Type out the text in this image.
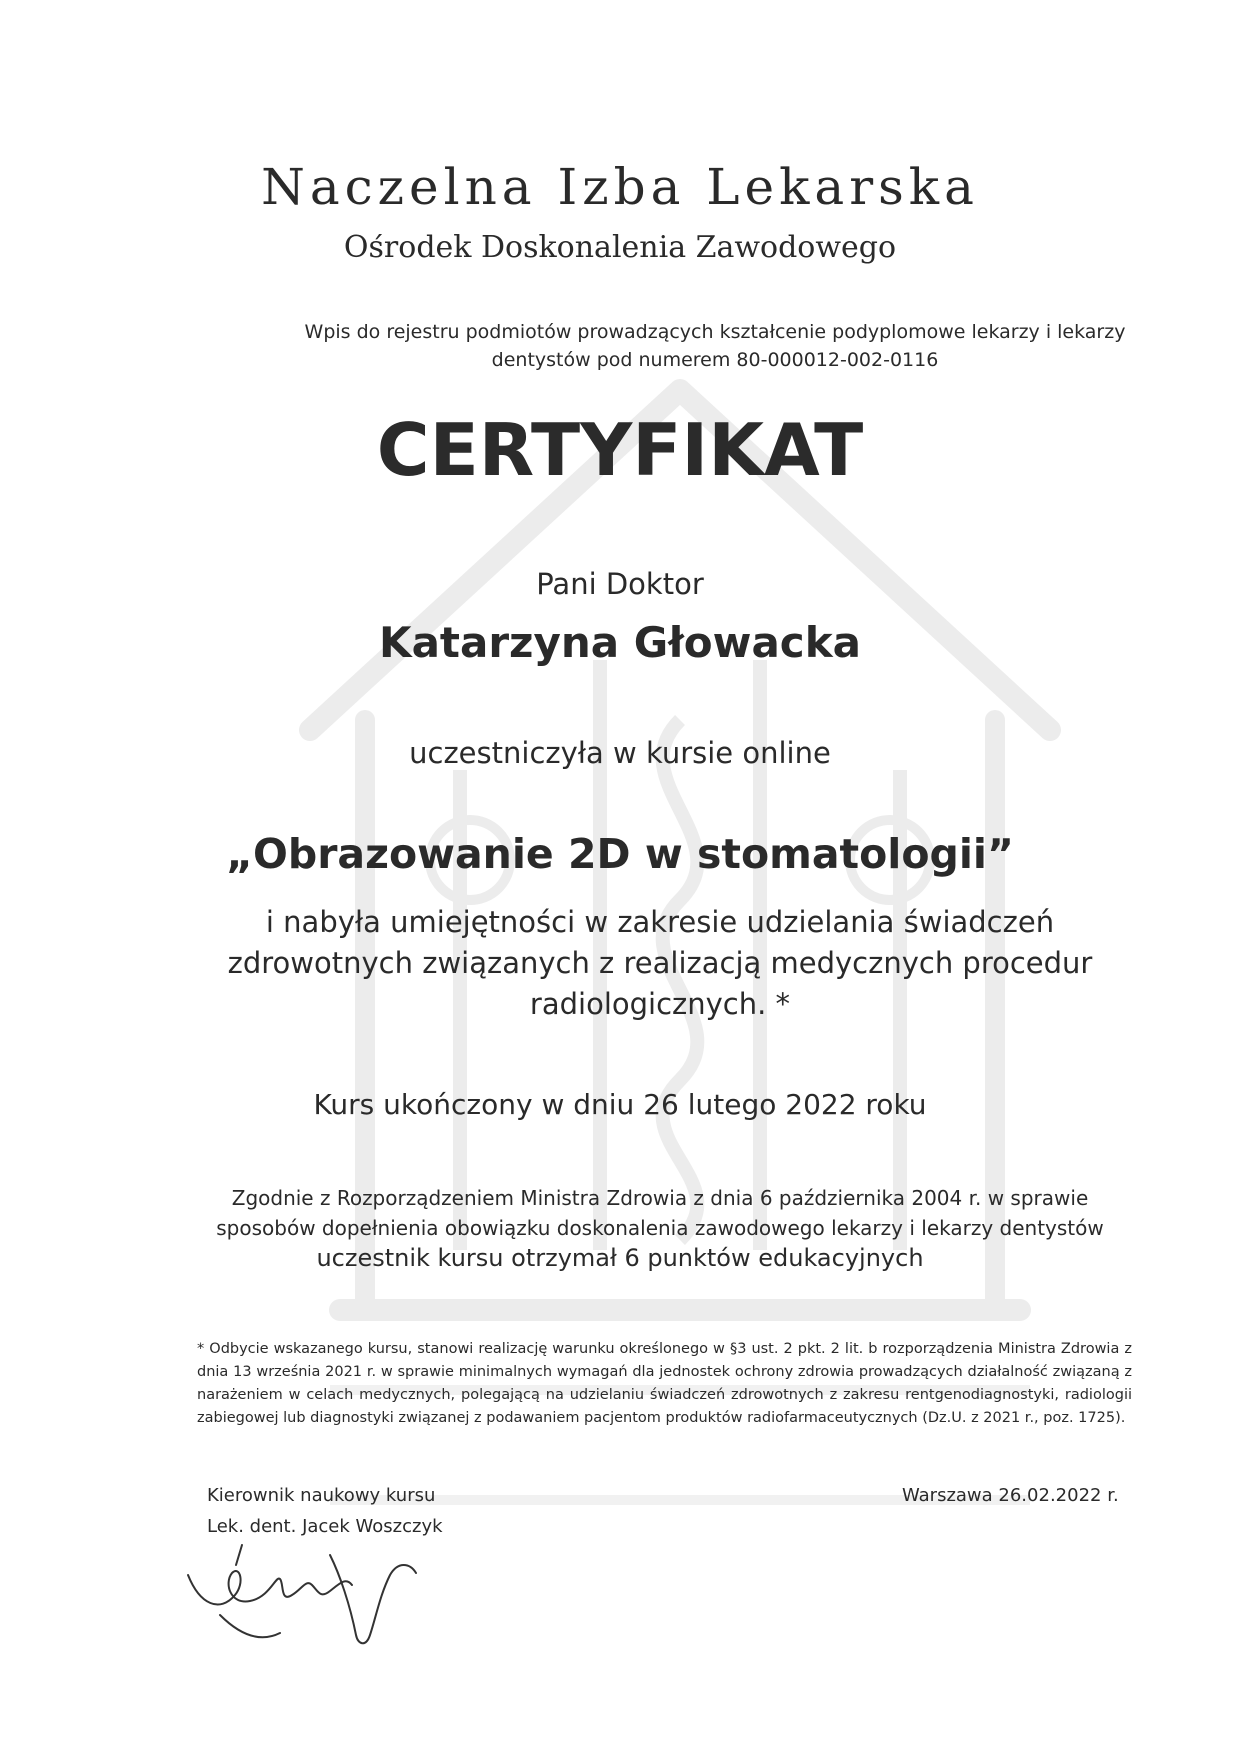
Naczelna Izba Lekarska
Ośrodek Doskonalenia Zawodowego
Wpis do rejestru podmiotów prowadzących kształcenie podyplomowe lekarzy i lekarzy dentystów pod numerem 80-000012-002-0116
CERTYFIKAT
Pani Doktor
Katarzyna Głowacka
uczestniczyła w kursie online
„Obrazowanie 2D w stomatologii”
i nabyła umiejętności w zakresie udzielania świadczeń zdrowotnych związanych z realizacją medycznych procedur radiologicznych. *
Kurs ukończony w dniu 26 lutego 2022 roku
Zgodnie z Rozporządzeniem Ministra Zdrowia z dnia 6 października 2004 r. w sprawie sposobów dopełnienia obowiązku doskonalenia zawodowego lekarzy i lekarzy dentystów
uczestnik kursu otrzymał 6 punktów edukacyjnych
* Odbycie wskazanego kursu, stanowi realizację warunku określonego w §3 ust. 2 pkt. 2 lit. b rozporządzenia Ministra Zdrowia z dnia 13 września 2021 r. w sprawie minimalnych wymagań dla jednostek ochrony zdrowia prowadzących działalność związaną z narażeniem w celach medycznych, polegającą na udzielaniu świadczeń zdrowotnych z zakresu rentgenodiagnostyki, radiologii zabiegowej lub diagnostyki związanej z podawaniem pacjentom produktów radiofarmaceutycznych (Dz.U. z 2021 r., poz. 1725).
Kierownik naukowy kursu
Lek. dent. Jacek Woszczyk
Warszawa 26.02.2022 r.
